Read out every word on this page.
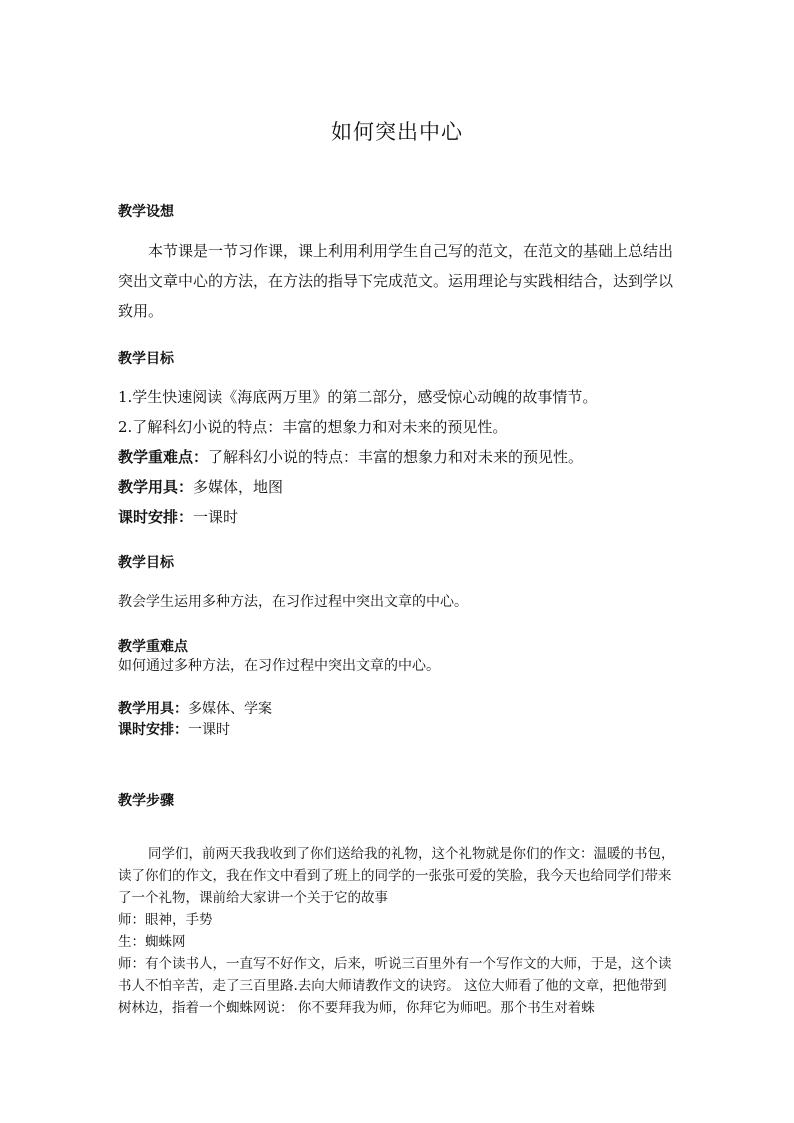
如何突出中心
教学设想

本节课是一节习作课，课上利用利用学生自己写的范文，在范文的基础上总结出突出文章中心的方法，在方法的指导下完成范文。运用理论与实践相结合，达到学以致用。

教学目标
1.学生快速阅读《海底两万里》的第二部分，感受惊心动魄的故事情节。
2.了解科幻小说的特点：丰富的想象力和对未来的预见性。
教学重难点：了解科幻小说的特点：丰富的想象力和对未来的预见性。
教学用具：多媒体，地图
课时安排：一课时
教学目标
教会学生运用多种方法，在习作过程中突出文章的中心。
教学重难点
如何通过多种方法，在习作过程中突出文章的中心。
教学用具：多媒体、学案
课时安排：一课时
教学步骤

同学们，前两天我我收到了你们送给我的礼物，这个礼物就是你们的作文：温暖的书包，读了你们的作文，我在作文中看到了班上的同学的一张张可爱的笑脸，我今天也给同学们带来了一个礼物，课前给大家讲一个关于它的故事

师：眼神，手势
生：蜘蛛网

师：有个读书人，一直写不好作文，后来，听说三百里外有一个写作文的大师，于是，这个读书人不怕辛苦，走了三百里路.去向大师请教作文的诀窍。 这位大师看了他的文章，把他带到树林边，指着一个蜘蛛网说： 你不要拜我为师，你拜它为师吧。那个书生对着蛛
